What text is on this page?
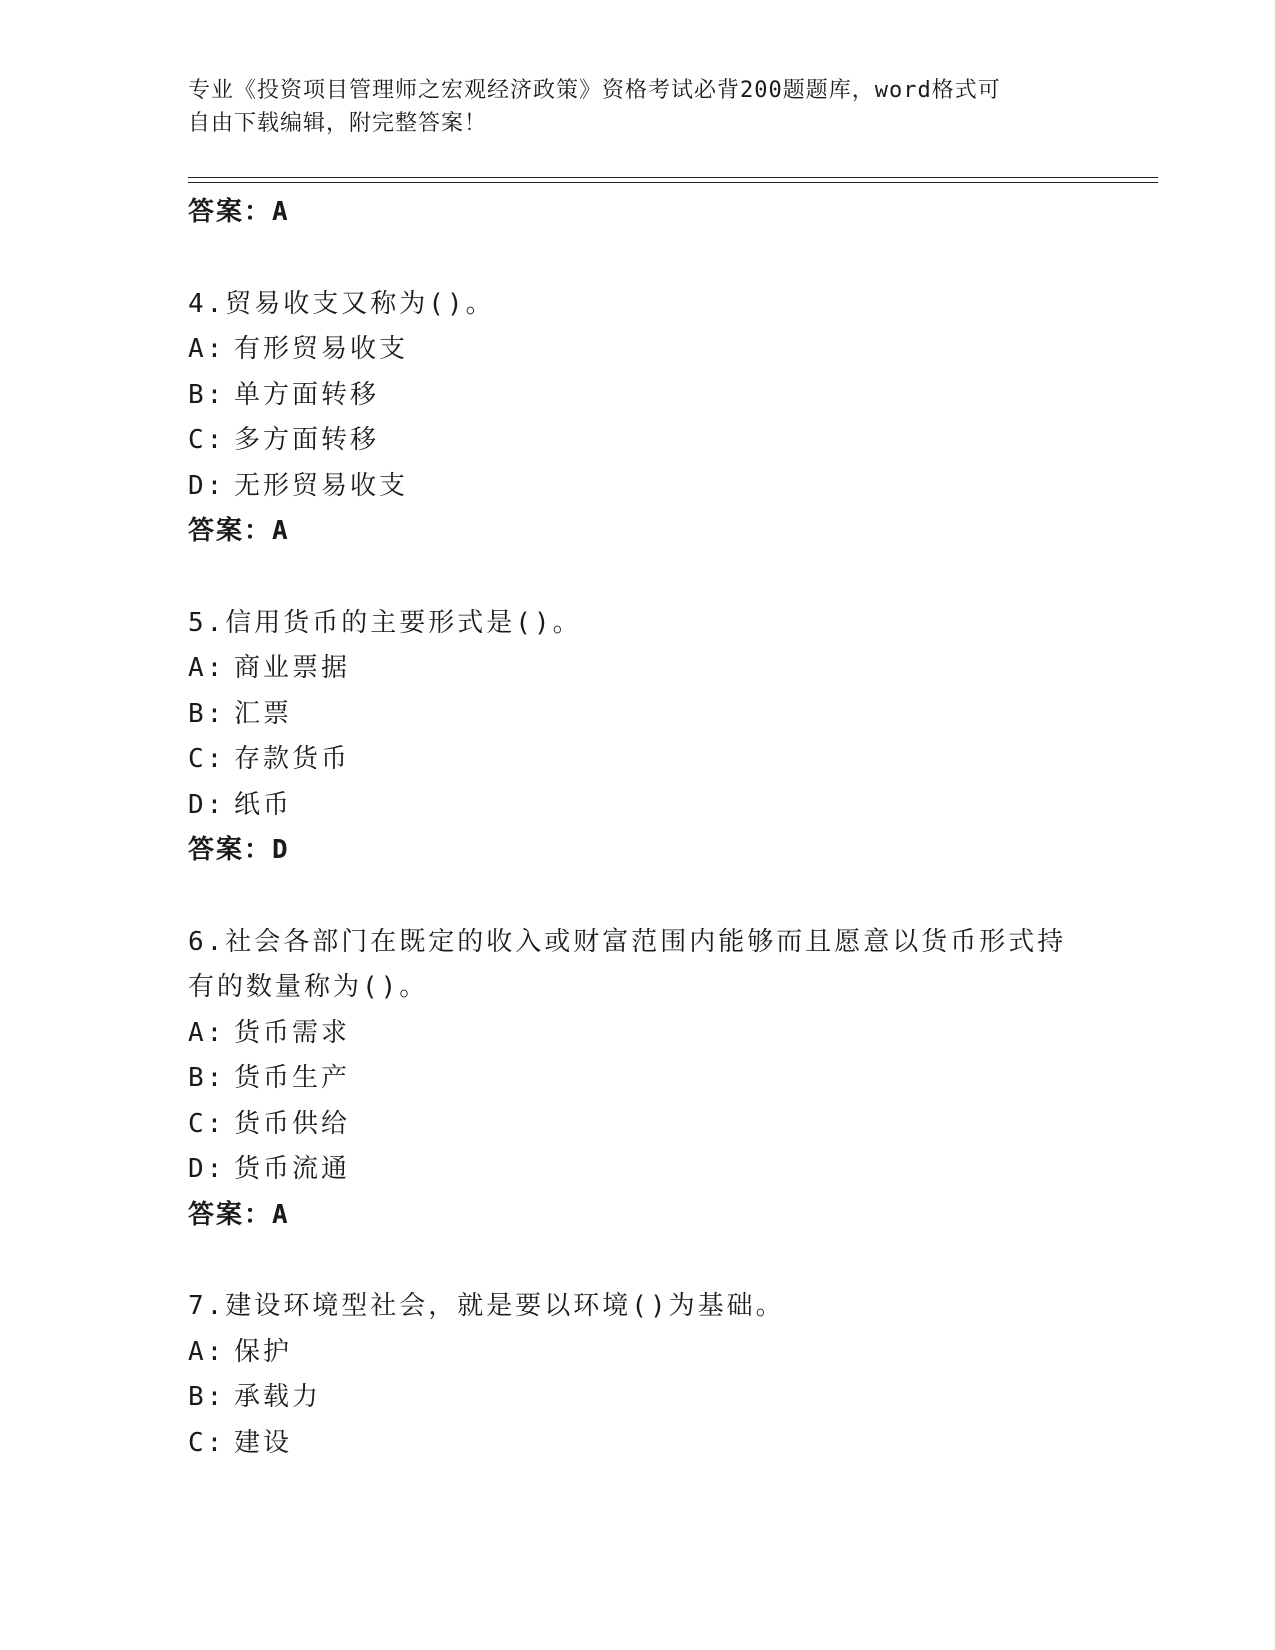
专业《投资项目管理师之宏观经济政策》资格考试必背200题题库，word格式可
自由下载编辑，附完整答案！
答案：A
4.贸易收支又称为()。
A: 有形贸易收支
B: 单方面转移
C: 多方面转移
D: 无形贸易收支
答案：A
5.信用货币的主要形式是()。
A: 商业票据
B: 汇票
C: 存款货币
D: 纸币
答案：D
6.社会各部门在既定的收入或财富范围内能够而且愿意以货币形式持
有的数量称为()。
A: 货币需求
B: 货币生产
C: 货币供给
D: 货币流通
答案：A
7.建设环境型社会，就是要以环境()为基础。
A: 保护
B: 承载力
C: 建设
